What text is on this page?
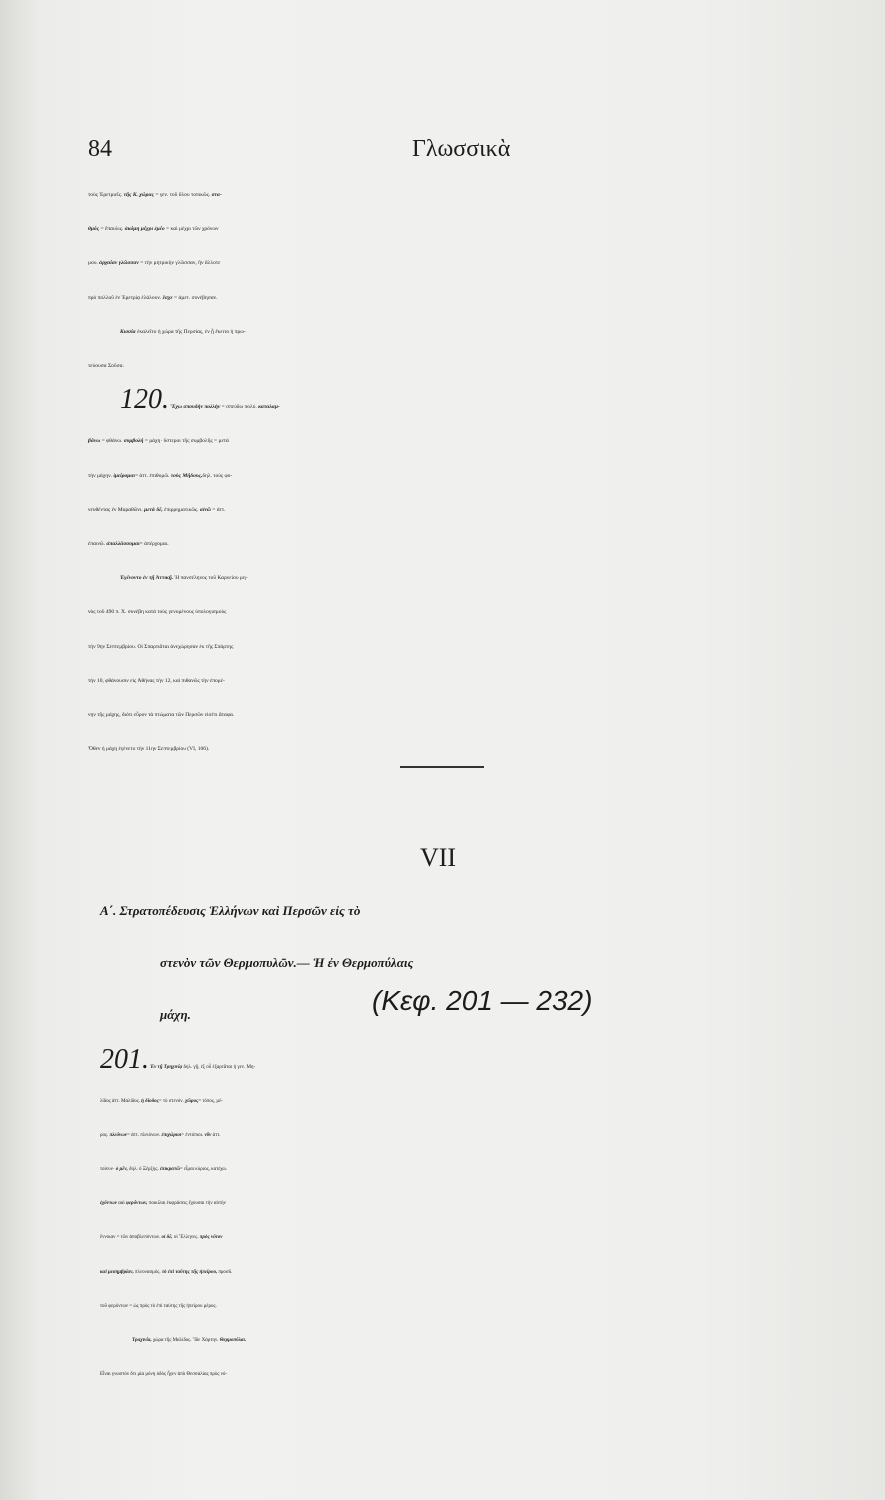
84	Γλωσσικὰ
τοὺς Ἐρετριεῖς. τῆς Κ. χώρας = γεν. τοῦ ὅλου τοπικῶς. στα-
θμός = ἔπαυλις. ἀκόμη μέχρι ἐμέο = καὶ μέχρι τῶν χρόνων
μου. ἀρχαίαν γλῶσσαν = τὴν μητρικὴν γλῶσσαν, ἣν ἄλλοτε
πρὸ πολλοῦ ἐν Ἐρετρίᾳ ἐλάλουν. ἔσχε = ἀμετ. συνέβησαν.
Κισσία ἐκαλεῖτο ἡ χώρα τῆς Περσίας, ἐν ᾗ ἔκειτο ἡ πρω-
τεύουσα Σοῦσα.
120. Ἔχω σπουδὴν πολλὴν = σπεύδω πολύ. καταλαμ-
βάνω = φθάνω. συμβολή = μάχη· ὕστεροι τῆς συμβολῆς = μετὰ
τὴν μάχην. ἱμείρομαι= ἀττ. ἐπιθυμῶ. τοὺς Μήδους,δηλ. τοὺς φο-
νευθέντας ἐν Μαραθῶνι. μετὰ δέ, ἐπιρρηματικῶς. αἰνῶ = ἀττ.
ἐπαινῶ. ἀπαλλάσσομαι= ἀπέρχομαι.
Ἐγένοντο ἐν τῇ Ἀττικῇ. Ἡ πανσέληνος τοῦ Καρνείου μη-
νὸς τοῦ 490 π. Χ. συνέβη κατὰ τοὺς γενομένους ὑπολογισμοὺς
τὴν 9ην Σεπτεμβρίου. Οἱ Σπαρτιᾶται ἀνεχώρησαν ἐκ τῆς Σπάρτης
τὴν 10, φθάνουσιν εἰς Ἀθήνας τὴν 12, καὶ πιθανῶς τὴν ἐπομέ-
νην τῆς μάχης, διότι εὗρον τὰ πτώματα τῶν Περσῶν εἰσέτι ἄταφα.
Ὅθεν ἡ μάχη ἐγένετο τὴν 11ην Σεπτεμβρίου (VI, 106).
VII
Α΄. Στρατοπέδευσις Ἑλλήνων καὶ Περσῶν εἰς τὸ
στενὸν τῶν Θερμοπυλῶν.— Ἡ ἐν Θερμοπύλαις
μάχη.	(Κεφ. 201 — 232)
201. Ἐν τῇ Τρηχινίᾳ δηλ. γῇ, ἐξ οὗ ἐξαρτᾶται ἡ γεν. Μη-
λίδος ἀττ. Μαλίδος. ἡ δίοδος= τὸ στενόν. χῶρος= τόπος, μέ-
ρος. πλεόνων= ἀττ. πλειόνων. ἐπιχώριοι= ἐντόπιοι. νῦν ἀττ.
τοίνυν· ὁ μέν, δηλ. ὁ Ξέρξης. ἐπικρατῶ= εἶμαι κύριος, κατέχω.
ἐχόντων ααὶ φερόντων, ποικίλαι ἐκφράσεις ἔχουσαι τὴν αὐτὴν
ἔννοιαν = τῶν ἀποβλεπόντων. οἱ δέ, οἱ Ἕλληνες. πρὸς νότον
καὶ μεσημβρίαν, πλεονασμός. τὸ ἐπὶ ταύτης τῆς ἠπείρου, προσδ.
τοῦ φερόντων = ὡς πρὸς τὸ ἐπὶ ταύτης τῆς ἠπείρου μέρος.
Τραχινία, χώρα τῆς Μαλίδος. Ἴδε Χάρτην. Θερμοπύλαι.
Εἶναι γνωστὸν ὅτι μία μόνη ὁδὸς ἦγεν ἀπὸ Θεσσαλίας πρὸς νό-
